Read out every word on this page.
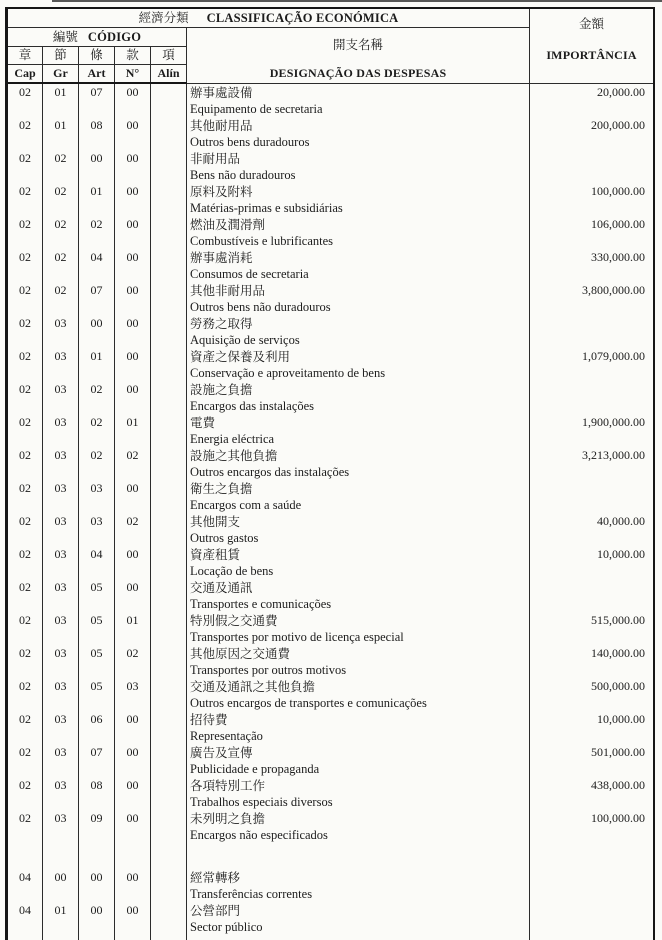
經濟分類 CLASSIFICAÇÃO ECONÓMICA						金額
IMPORTÂNCIA

編號 CÓDIGO					開支名稱
DESIGNAÇÃO DAS DESPESAS	

章	節	條	款	項		
Cap	Gr	Art	N°	Alín		
02	01	07	00		辦事處設備
Equipamento de secretaria	20,000.00
02	01	08	00		其他耐用品
Outros bens duradouros	200,000.00
02	02	00	00		非耐用品
Bens não duradouros	

02	02	01	00		原料及附料
Matérias-primas e subsidiárias	100,000.00
02	02	02	00		燃油及潤滑劑
Combustíveis e lubrificantes	106,000.00
02	02	04	00		辦事處消耗
Consumos de secretaria	330,000.00
02	02	07	00		其他非耐用品
Outros bens não duradouros	3,800,000.00
02	03	00	00		勞務之取得
Aquisição de serviços	

02	03	01	00		資產之保養及利用
Conservação e aproveitamento de bens	1,079,000.00
02	03	02	00		設施之負擔
Encargos das instalações	

02	03	02	01		電費
Energia eléctrica	1,900,000.00
02	03	02	02		設施之其他負擔
Outros encargos das instalações	3,213,000.00
02	03	03	00		衛生之負擔
Encargos com a saúde	

02	03	03	02		其他開支
Outros gastos	40,000.00
02	03	04	00		資產租賃
Locação de bens	10,000.00
02	03	05	00		交通及通訊
Transportes e comunicações	

02	03	05	01		特別假之交通費
Transportes por motivo de licença especial	515,000.00
02	03	05	02		其他原因之交通費
Transportes por outros motivos	140,000.00
02	03	05	03		交通及通訊之其他負擔
Outros encargos de transportes e comunicações	500,000.00
02	03	06	00		招待費
Representação	10,000.00
02	03	07	00		廣告及宣傳
Publicidade e propaganda	501,000.00
02	03	08	00		各項特別工作
Trabalhos especiais diversos	438,000.00
02	03	09	00		未列明之負擔
Encargos não especificados	100,000.00

04	00	00	00		經常轉移
Transferências correntes	

04	01	00	00		公營部門
Sector público	
